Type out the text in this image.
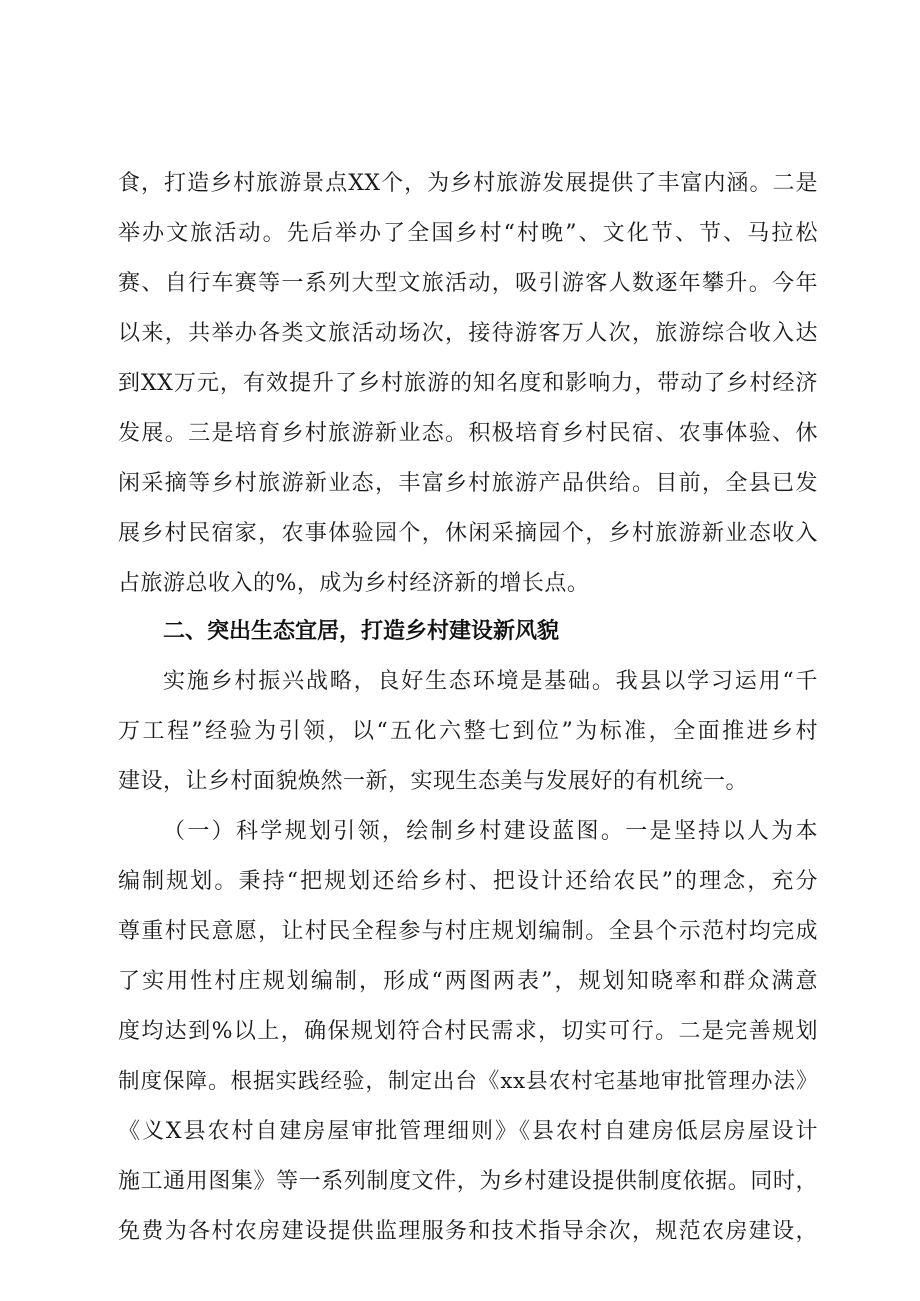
食，打造乡村旅游景点XX个，为乡村旅游发展提供了丰富内涵。二是
举办文旅活动。先后举办了全国乡村“村晚”、文化节、节、马拉松
赛、自行车赛等一系列大型文旅活动，吸引游客人数逐年攀升。今年
以来，共举办各类文旅活动场次，接待游客万人次，旅游综合收入达
到XX万元，有效提升了乡村旅游的知名度和影响力，带动了乡村经济
发展。三是培育乡村旅游新业态。积极培育乡村民宿、农事体验、休
闲采摘等乡村旅游新业态，丰富乡村旅游产品供给。目前，全县已发
展乡村民宿家，农事体验园个，休闲采摘园个，乡村旅游新业态收入
占旅游总收入的%，成为乡村经济新的增长点。
二、突出生态宜居，打造乡村建设新风貌
实施乡村振兴战略，良好生态环境是基础。我县以学习运用“千
万工程”经验为引领，以“五化六整七到位”为标准，全面推进乡村
建设，让乡村面貌焕然一新，实现生态美与发展好的有机统一。
（一）科学规划引领，绘制乡村建设蓝图。一是坚持以人为本
编制规划。秉持“把规划还给乡村、把设计还给农民”的理念，充分
尊重村民意愿，让村民全程参与村庄规划编制。全县个示范村均完成
了实用性村庄规划编制，形成“两图两表”，规划知晓率和群众满意
度均达到%以上，确保规划符合村民需求，切实可行。二是完善规划
制度保障。根据实践经验，制定出台《xx县农村宅基地审批管理办法》
《义X县农村自建房屋审批管理细则》《县农村自建房低层房屋设计
施工通用图集》等一系列制度文件，为乡村建设提供制度依据。同时，
免费为各村农房建设提供监理服务和技术指导余次，规范农房建设，
